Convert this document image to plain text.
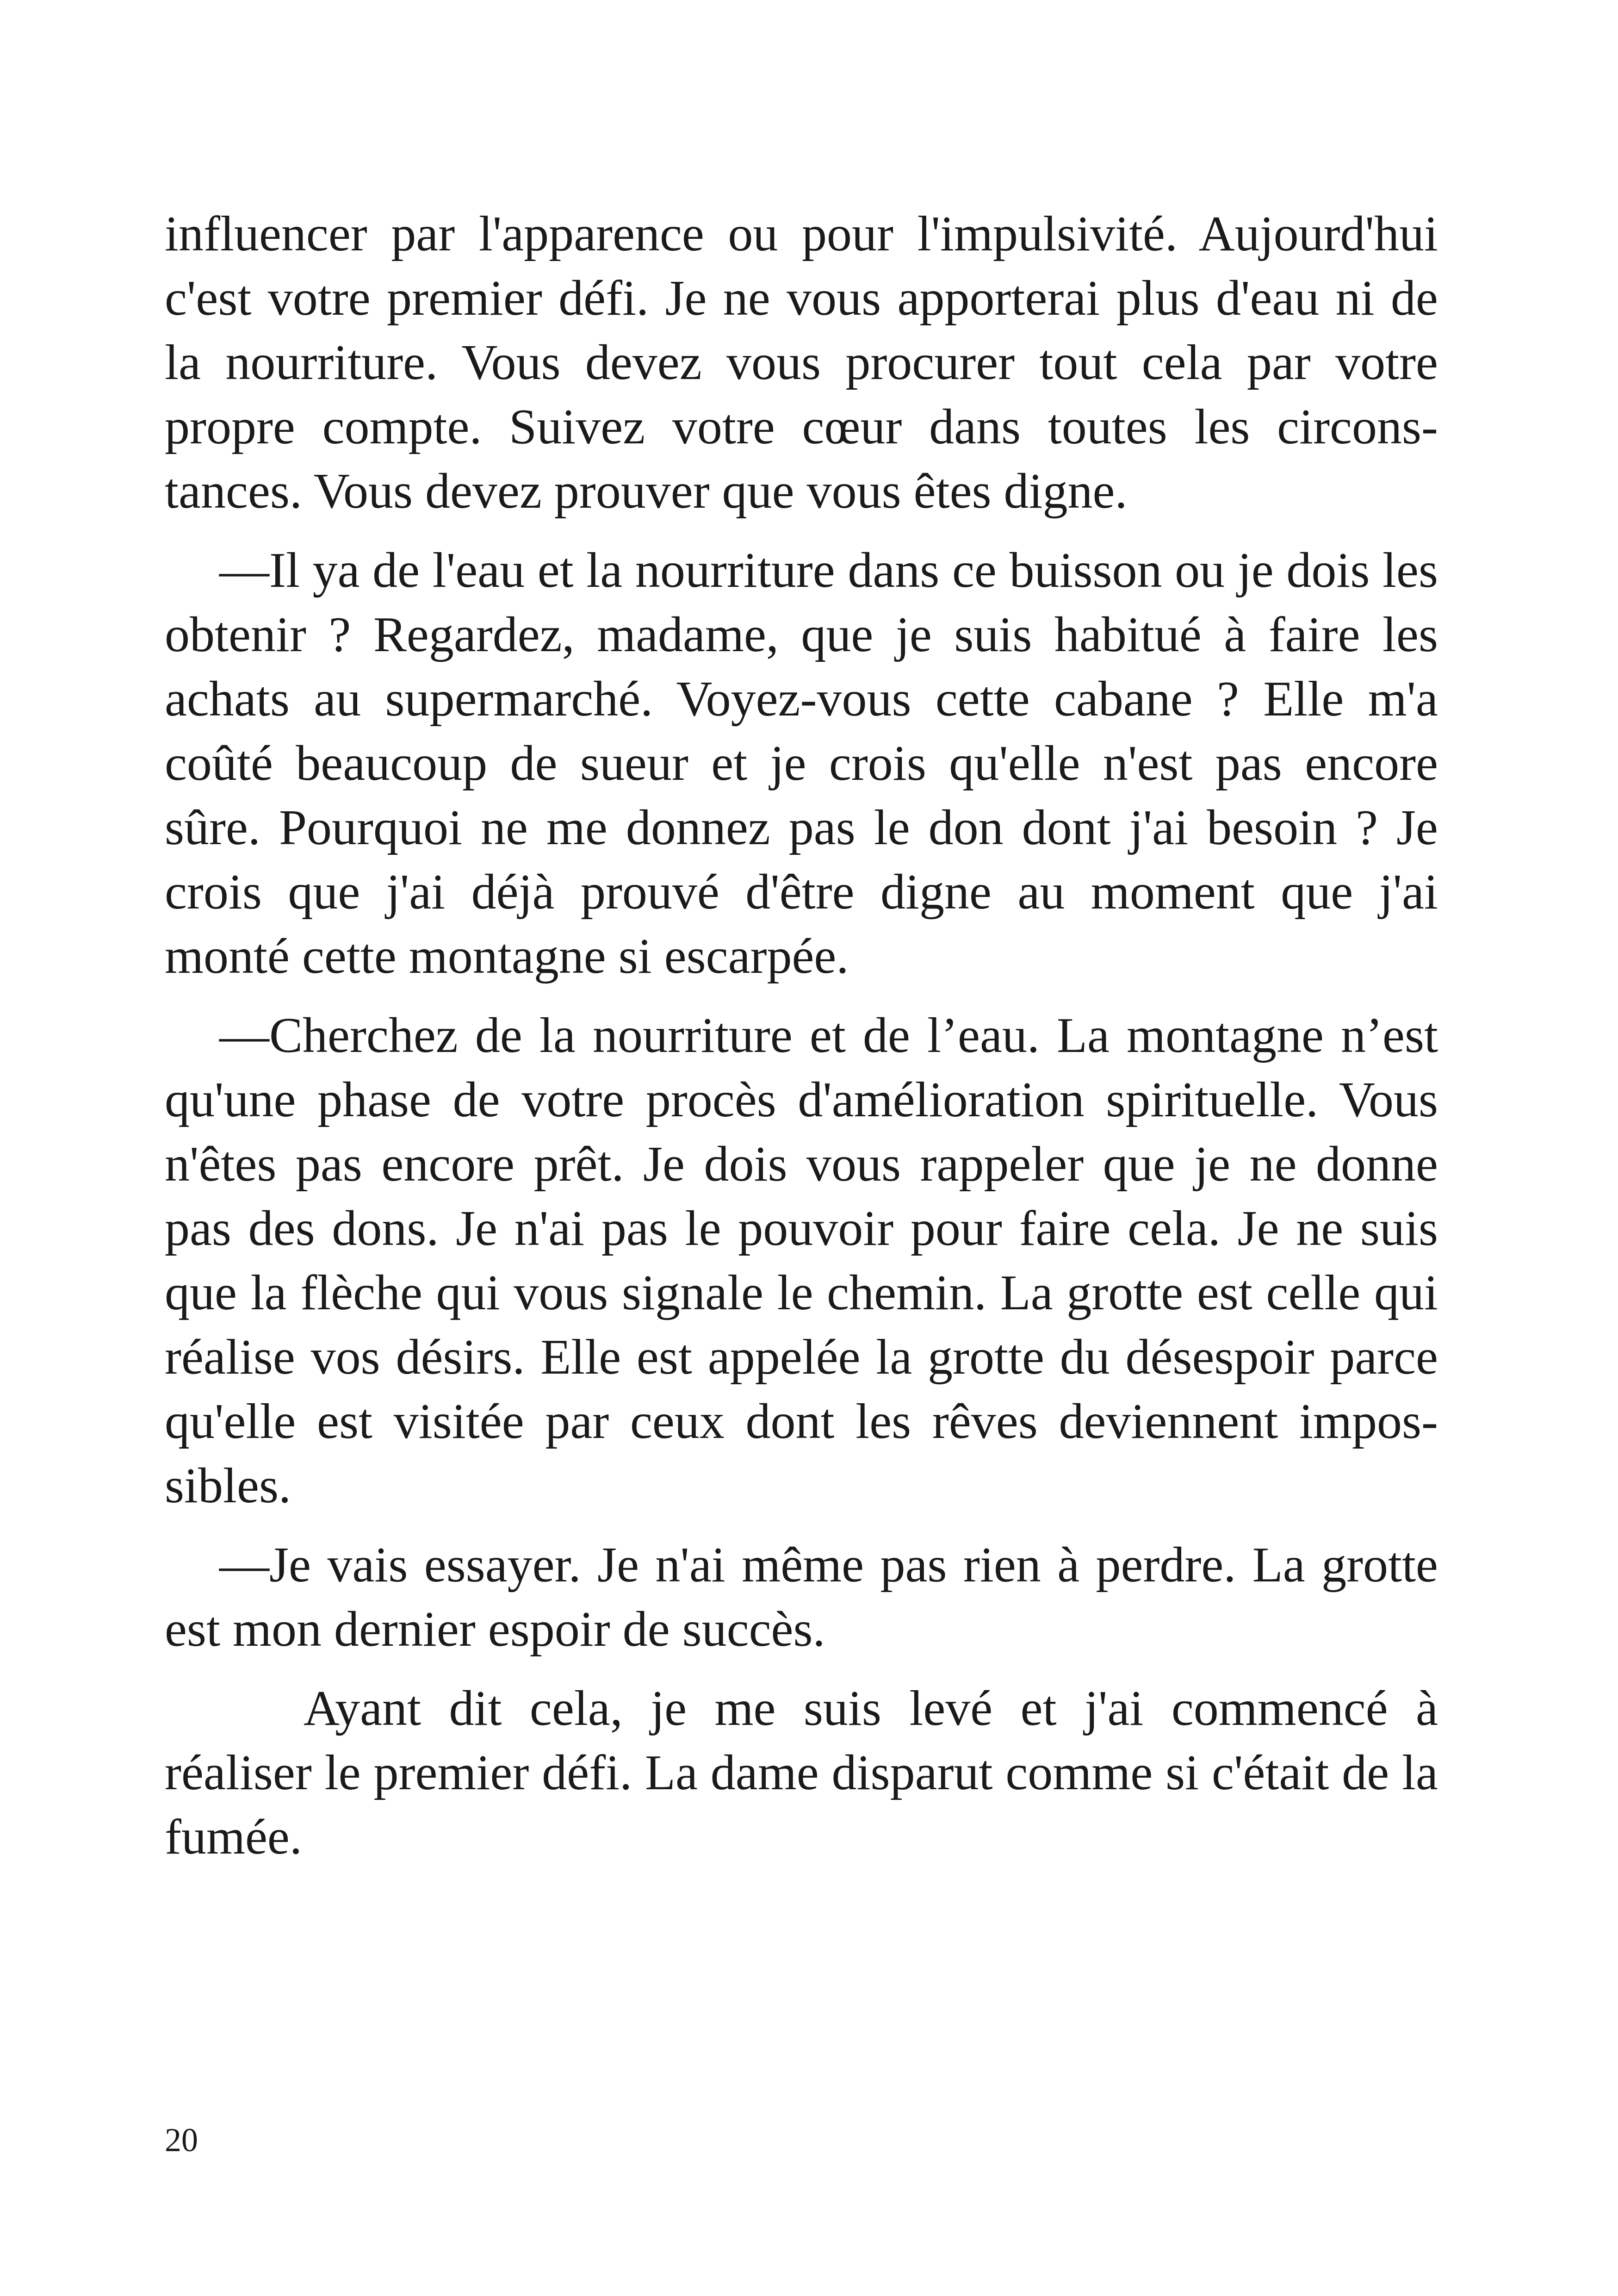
influencer par l'apparence ou pour l'impulsivité. Aujourd'hui c'est votre premier défi. Je ne vous apporterai plus d'eau ni de la nourriture. Vous devez vous procurer tout cela par votre propre compte. Suivez votre cœur dans toutes les circonstances. Vous devez prouver que vous êtes digne.

—Il ya de l'eau et la nourriture dans ce buisson ou je dois les obtenir ? Regardez, madame, que je suis habitué à faire les achats au supermarché. Voyez-vous cette cabane ? Elle m'a coûté beaucoup de sueur et je crois qu'elle n'est pas encore sûre. Pourquoi ne me donnez pas le don dont j'ai besoin ? Je crois que j'ai déjà prouvé d'être digne au moment que j'ai monté cette montagne si escarpée.

—Cherchez de la nourriture et de l’eau. La montagne n’est qu'une phase de votre procès d'amélioration spirituelle. Vous n'êtes pas encore prêt. Je dois vous rappeler que je ne donne pas des dons. Je n'ai pas le pouvoir pour faire cela. Je ne suis que la flèche qui vous signale le chemin. La grotte est celle qui réalise vos désirs. Elle est appelée la grotte du désespoir parce qu'elle est visitée par ceux dont les rêves deviennent impossibles.

—Je vais essayer. Je n'ai même pas rien à perdre. La grotte est mon dernier espoir de succès.

Ayant dit cela, je me suis levé et j'ai commencé à réaliser le premier défi. La dame disparut comme si c'était de la fumée.

20
